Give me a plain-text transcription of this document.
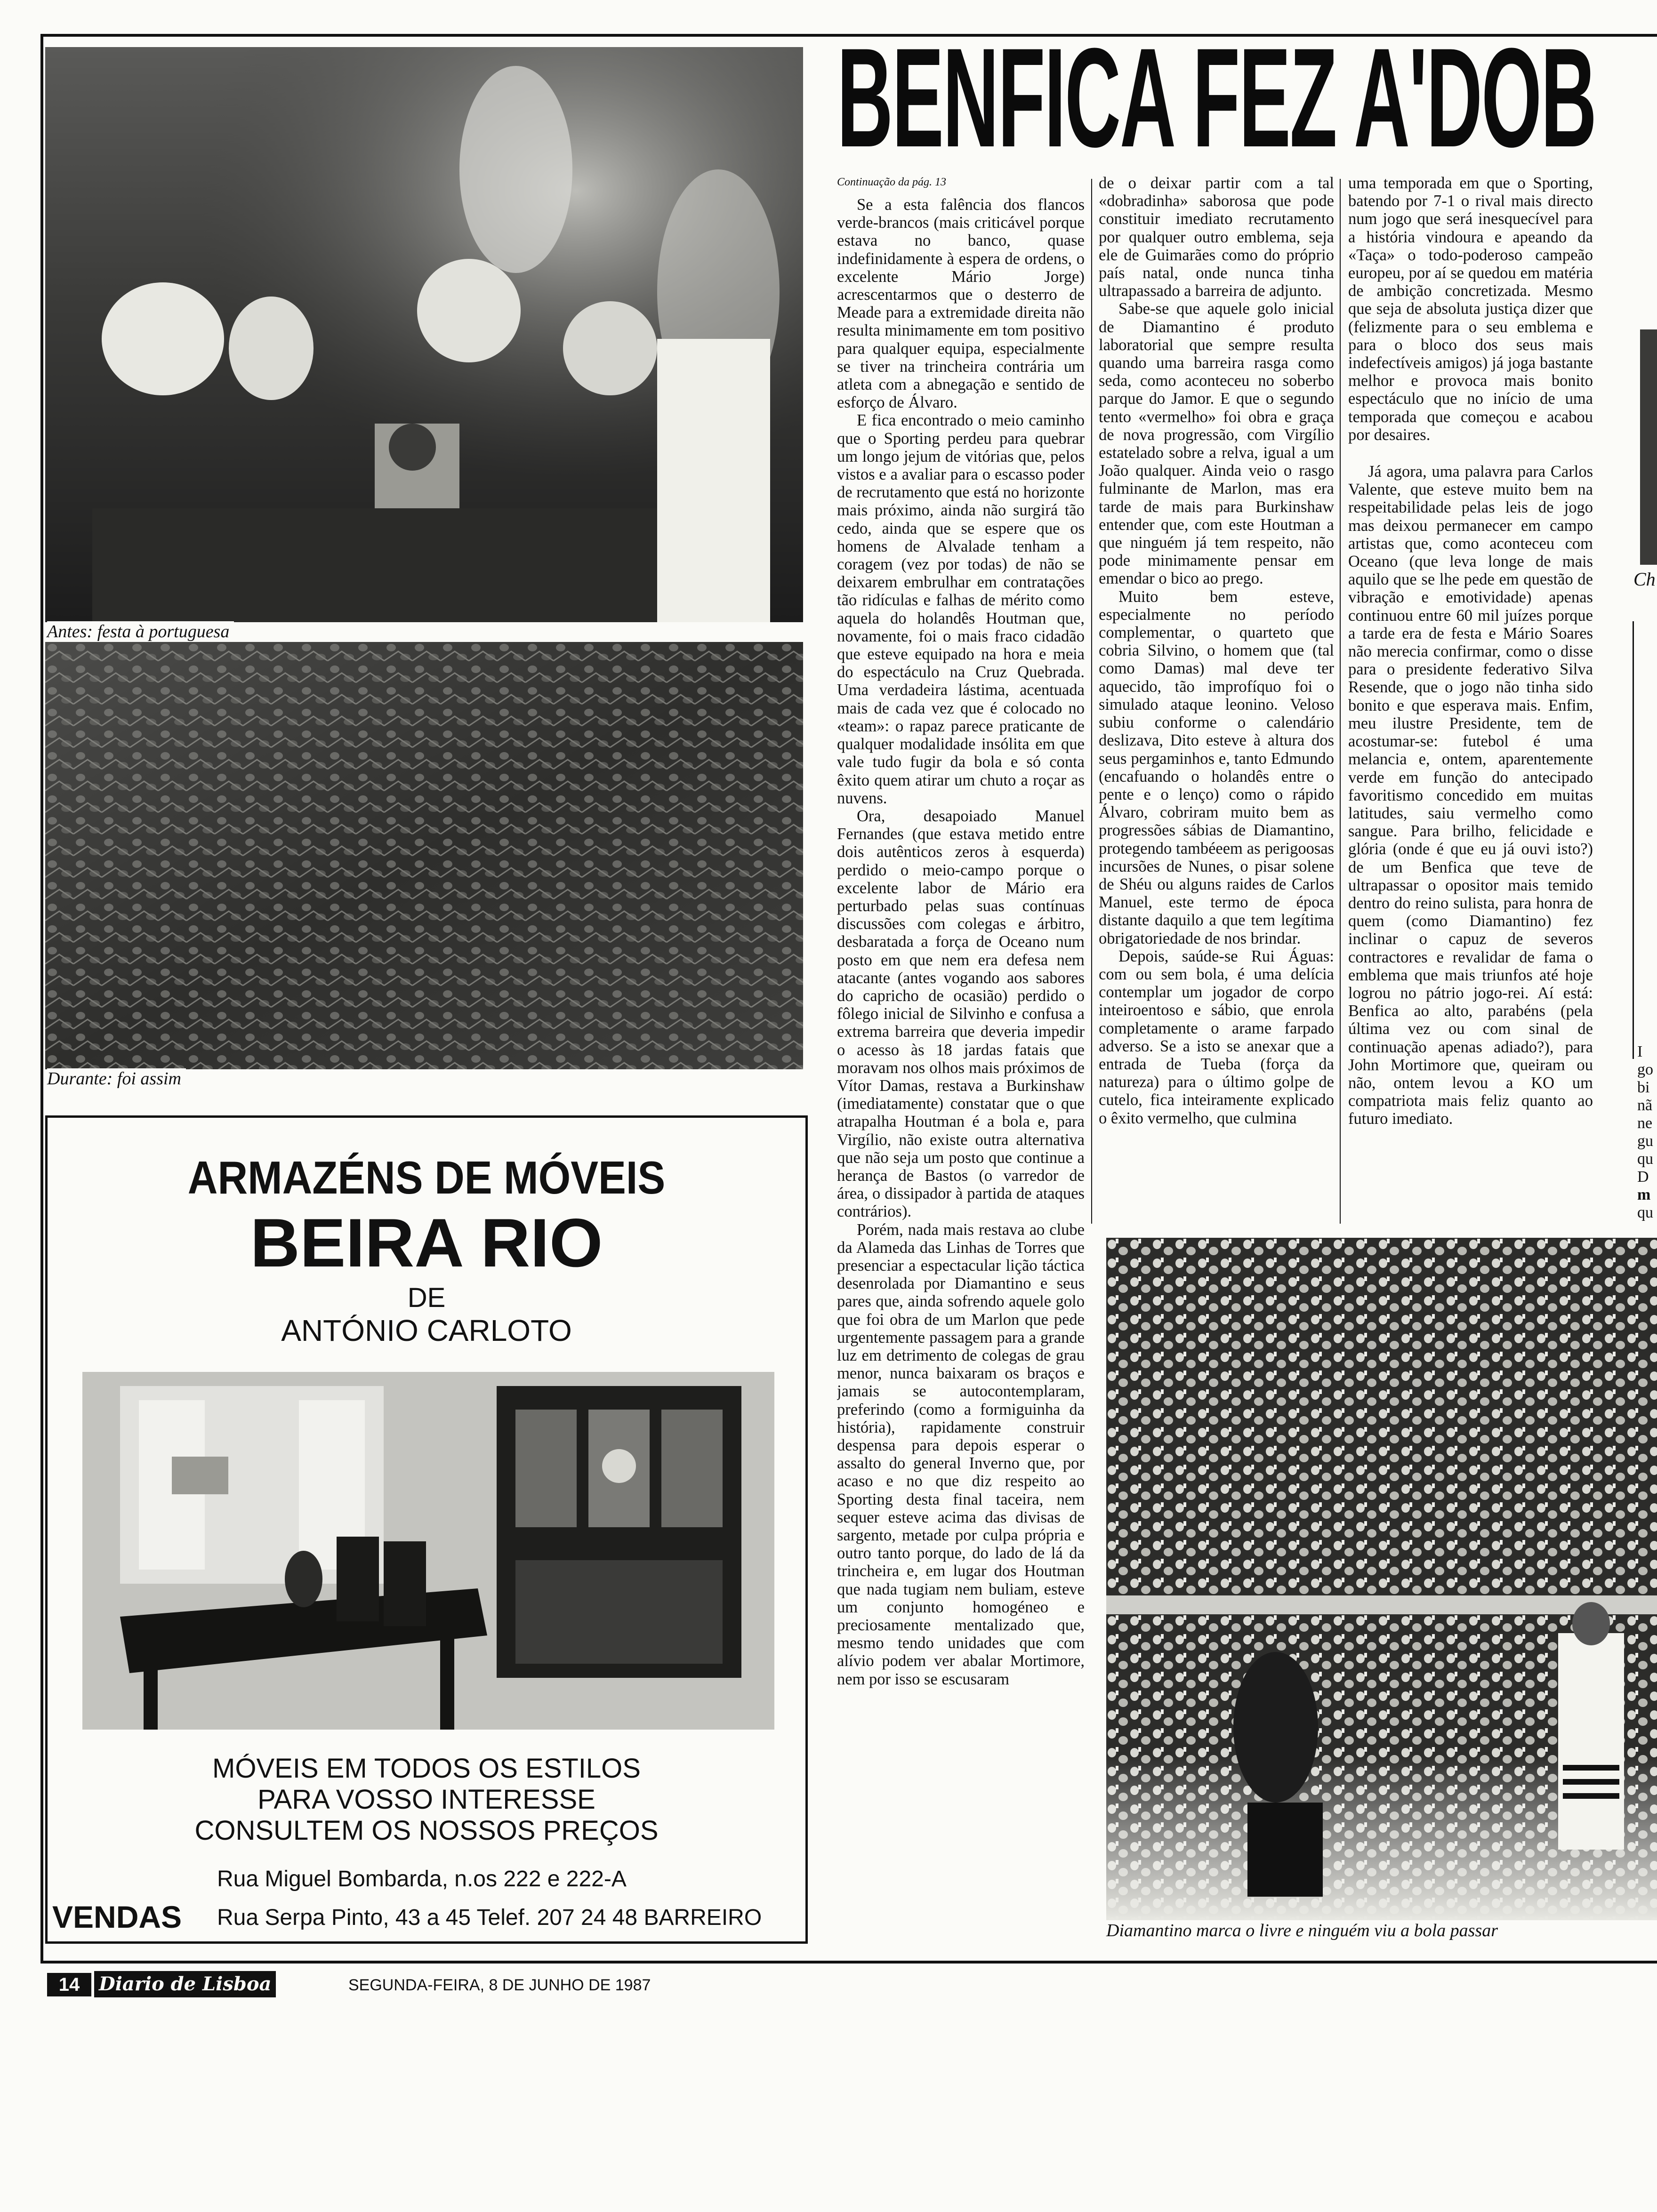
Antes: festa à portuguesa
Durante: foi assim
BENFICA FEZ A'DOB
Continuação da pág. 13

Se a esta falência dos flancos verde-brancos (mais criticável porque estava no banco, quase indefinidamente à espera de ordens, o excelente Mário Jorge) acrescentarmos que o desterro de Meade para a extremidade direita não resulta minimamente em tom positivo para qualquer equipa, especialmente se tiver na trincheira contrária um atleta com a abnegação e sentido de esforço de Álvaro.

E fica encontrado o meio caminho que o Sporting perdeu para quebrar um longo jejum de vitórias que, pelos vistos e a avaliar para o escasso poder de recrutamento que está no horizonte mais próximo, ainda não surgirá tão cedo, ainda que se espere que os homens de Alvalade tenham a coragem (vez por todas) de não se deixarem embrulhar em contratações tão ridículas e falhas de mérito como aquela do holandês Houtman que, novamente, foi o mais fraco cidadão que esteve equipado na hora e meia do espectáculo na Cruz Quebrada. Uma verdadeira lástima, acentuada mais de cada vez que é colocado no «team»: o rapaz parece praticante de qualquer modalidade insólita em que vale tudo fugir da bola e só conta êxito quem atirar um chuto a roçar as nuvens.

Ora, desapoiado Manuel Fernandes (que estava metido entre dois autênticos zeros à esquerda) perdido o meio-campo porque o excelente labor de Mário era perturbado pelas suas contínuas discussões com colegas e árbitro, desbaratada a força de Oceano num posto em que nem era defesa nem atacante (antes vogando aos sabores do capricho de ocasião) perdido o fôlego inicial de Silvinho e confusa a extrema barreira que deveria impedir o acesso às 18 jardas fatais que moravam nos olhos mais próximos de Vítor Damas, restava a Burkinshaw (imediatamente) constatar que o que atrapalha Houtman é a bola e, para Virgílio, não existe outra alternativa que não seja um posto que continue a herança de Bastos (o varredor de área, o dissipador à partida de ataques contrários).

Porém, nada mais restava ao clube da Alameda das Linhas de Torres que presenciar a espectacular lição táctica desenrolada por Diamantino e seus pares que, ainda sofrendo aquele golo que foi obra de um Marlon que pede urgentemente passagem para a grande luz em detrimento de colegas de grau menor, nunca baixaram os braços e jamais se autocontemplaram, preferindo (como a formiguinha da história), rapidamente construir despensa para depois esperar o assalto do general Inverno que, por acaso e no que diz respeito ao Sporting desta final taceira, nem sequer esteve acima das divisas de sargento, metade por culpa própria e outro tanto porque, do lado de lá da trincheira e, em lugar dos Houtman que nada tugiam nem buliam, esteve um conjunto homogéneo e preciosamente mentalizado que, mesmo tendo unidades que com alívio podem ver abalar Mortimore, nem por isso se escusaram

de o deixar partir com a tal «dobradinha» saborosa que pode constituir imediato recrutamento por qualquer outro emblema, seja ele de Guimarães como do próprio país natal, onde nunca tinha ultrapassado a barreira de adjunto.

Sabe-se que aquele golo inicial de Diamantino é produto laboratorial que sempre resulta quando uma barreira rasga como seda, como aconteceu no soberbo parque do Jamor. E que o segundo tento «vermelho» foi obra e graça de nova progressão, com Virgílio estatelado sobre a relva, igual a um João qualquer. Ainda veio o rasgo fulminante de Marlon, mas era tarde de mais para Burkinshaw entender que, com este Houtman a que ninguém já tem respeito, não pode minimamente pensar em emendar o bico ao prego.

Muito bem esteve, especialmente no período complementar, o quarteto que cobria Silvino, o homem que (tal como Damas) mal deve ter aquecido, tão improfíquo foi o simulado ataque leonino. Veloso subiu conforme o calendário deslizava, Dito esteve à altura dos seus pergaminhos e, tanto Edmundo (encafuando o holandês entre o pente e o lenço) como o rápido Álvaro, cobriram muito bem as progressões sábias de Diamantino, protegendo tambéeem as perigoosas incursões de Nunes, o pisar solene de Shéu ou alguns raides de Carlos Manuel, este termo de época distante daquilo a que tem legítima obrigatoriedade de nos brindar.

Depois, saúde-se Rui Águas: com ou sem bola, é uma delícia contemplar um jogador de corpo inteiroentoso e sábio, que enrola completamente o arame farpado adverso. Se a isto se anexar que a entrada de Tueba (força da natureza) para o último golpe de cutelo, fica inteiramente explicado o êxito vermelho, que culmina

uma temporada em que o Sporting, batendo por 7-1 o rival mais directo num jogo que será inesquecível para a história vindoura e apeando da «Taça» o todo-poderoso campeão europeu, por aí se quedou em matéria de ambição concretizada. Mesmo que seja de absoluta justiça dizer que (felizmente para o seu emblema e para o bloco dos seus mais indefectíveis amigos) já joga bastante melhor e provoca mais bonito espectáculo que no início de uma temporada que começou e acabou por desaires.

Já agora, uma palavra para Carlos Valente, que esteve muito bem na respeitabilidade pelas leis de jogo mas deixou permanecer em campo artistas que, como aconteceu com Oceano (que leva longe de mais aquilo que se lhe pede em questão de vibração e emotividade) apenas continuou entre 60 mil juízes porque a tarde era de festa e Mário Soares não merecia confirmar, como o disse para o presidente federativo Silva Resende, que o jogo não tinha sido bonito e que esperava mais. Enfim, meu ilustre Presidente, tem de acostumar-se: futebol é uma melancia e, ontem, aparentemente verde em função do antecipado favoritismo concedido em muitas latitudes, saiu vermelho como sangue. Para brilho, felicidade e glória (onde é que eu já ouvi isto?) de um Benfica que teve de ultrapassar o opositor mais temido dentro do reino sulista, para honra de quem (como Diamantino) fez inclinar o capuz de severos contractores e revalidar de fama o emblema que mais triunfos até hoje logrou no pátrio jogo-rei. Aí está: Benfica ao alto, parabéns (pela última vez ou com sinal de continuação apenas adiado?), para John Mortimore que, queiram ou não, ontem levou a KO um compatriota mais feliz quanto ao futuro imediato.

Ch
I
go
bi
nã
ne
gu
qu
D
m
qu
Diamantino marca o livre e ninguém viu a bola passar
ARMAZÉNS DE MÓVEIS
BEIRA RIO
DE
ANTÓNIO CARLOTO
MÓVEIS EM TODOS OS ESTILOS
PARA VOSSO INTERESSE
CONSULTEM OS NOSSOS PREÇOS
Rua Miguel Bombarda, n.os 222 e 222-A
VENDAS Rua Serpa Pinto, 43 a 45 Telef. 207 24 48 BARREIRO
14	Diario de Lisboa	SEGUNDA-FEIRA, 8 DE JUNHO DE 1987
